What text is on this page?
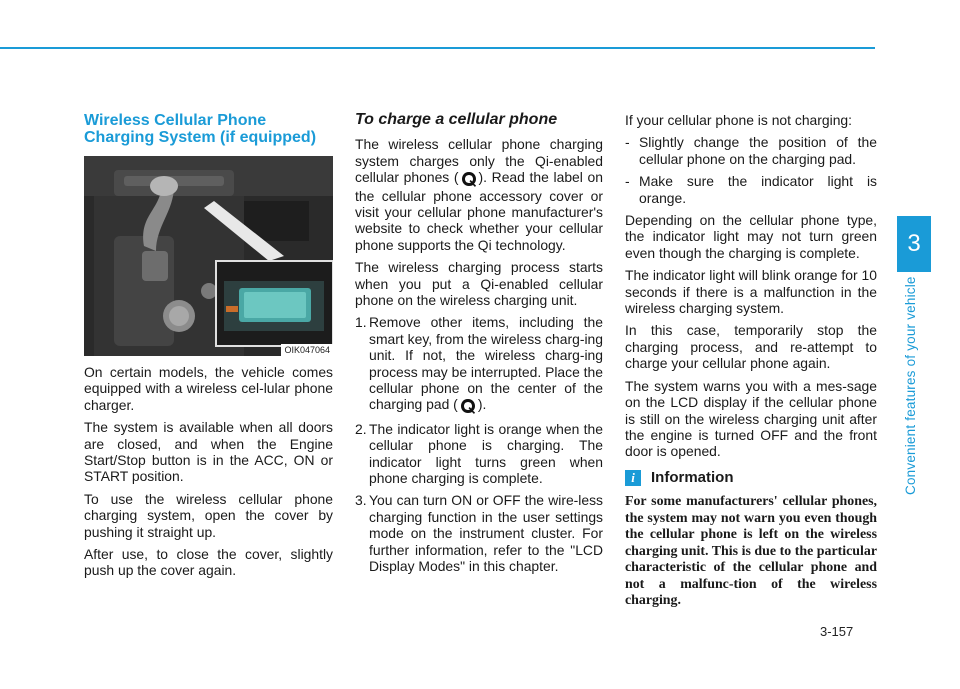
3
Convenient features of your vehicle
3-157
Wireless Cellular Phone Charging System (if equipped)
OIK047064

On certain models, the vehicle comes equipped with a wireless cel-lular phone charger.

The system is available when all doors are closed, and when the Engine Start/Stop button is in the ACC, ON or START position.

To use the wireless cellular phone charging system, open the cover by pushing it straight up.

After use, to close the cover, slightly push up the cover again.

To charge a cellular phone

The wireless cellular phone charging system charges only the Qi-enabled cellular phones ( ). Read the label on the cellular phone accessory cover or visit your cellular phone manufacturer's website to check whether your cellular phone supports the Qi technology.

The wireless charging process starts when you put a Qi-enabled cellular phone on the wireless charging unit.

1. Remove other items, including the smart key, from the wireless charg-ing unit. If not, the wireless charg-ing process may be interrupted. Place the cellular phone on the center of the charging pad ( ).
2. The indicator light is orange when the cellular phone is charging. The indicator light turns green when phone charging is complete.
3. You can turn ON or OFF the wire-less charging function in the user settings mode on the instrument cluster. For further information, refer to the "LCD Display Modes" in this chapter.

If your cellular phone is not charging:

- Slightly change the position of the cellular phone on the charging pad.
- Make sure the indicator light is orange.

Depending on the cellular phone type, the indicator light may not turn green even though the charging is complete.

The indicator light will blink orange for 10 seconds if there is a malfunction in the wireless charging system.

In this case, temporarily stop the charging process, and re-attempt to charge your cellular phone again.

The system warns you with a mes-sage on the LCD display if the cellular phone is still on the wireless charging unit after the engine is turned OFF and the front door is opened.

i	Information

For some manufacturers' cellular phones, the system may not warn you even though the cellular phone is left on the wireless charging unit. This is due to the particular characteristic of the cellular phone and not a malfunc-tion of the wireless charging.
